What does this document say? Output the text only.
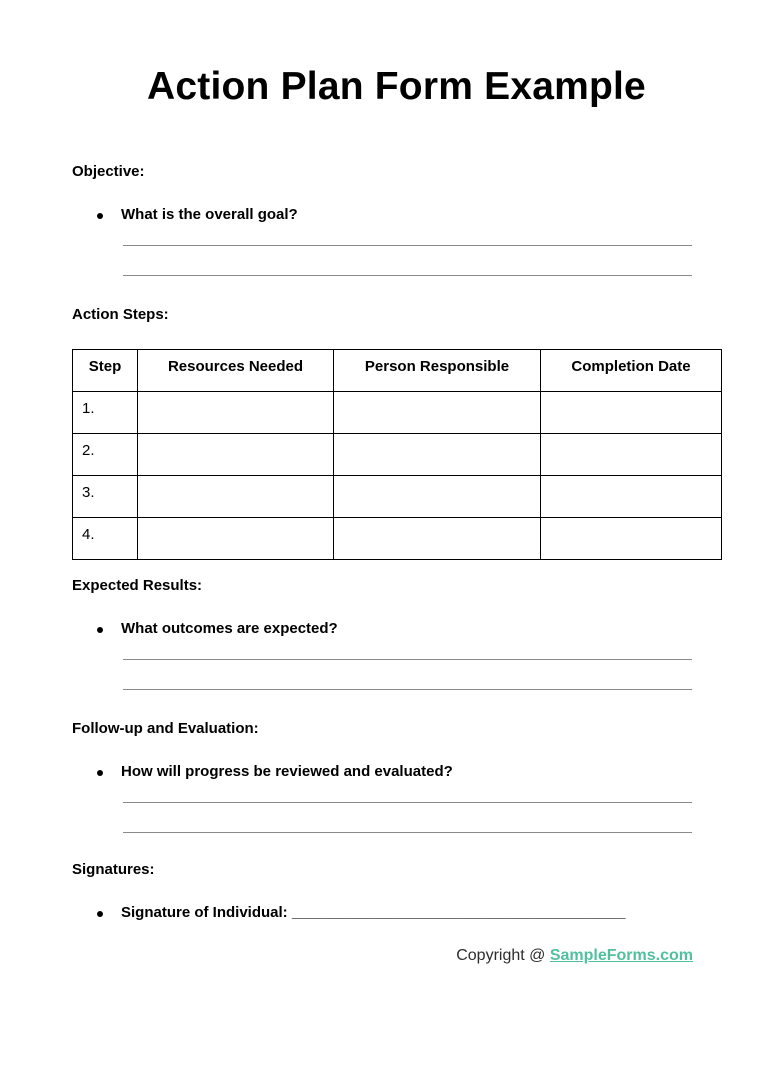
Action Plan Form Example
Objective:
What is the overall goal?
Action Steps:
Step	Resources Needed	Person Responsible	Completion Date
1.			
2.			
3.			
4.			
Expected Results:
What outcomes are expected?
Follow-up and Evaluation:
How will progress be reviewed and evaluated?
Signatures:
Signature of Individual: ________________________________________
Copyright @ SampleForms.com
